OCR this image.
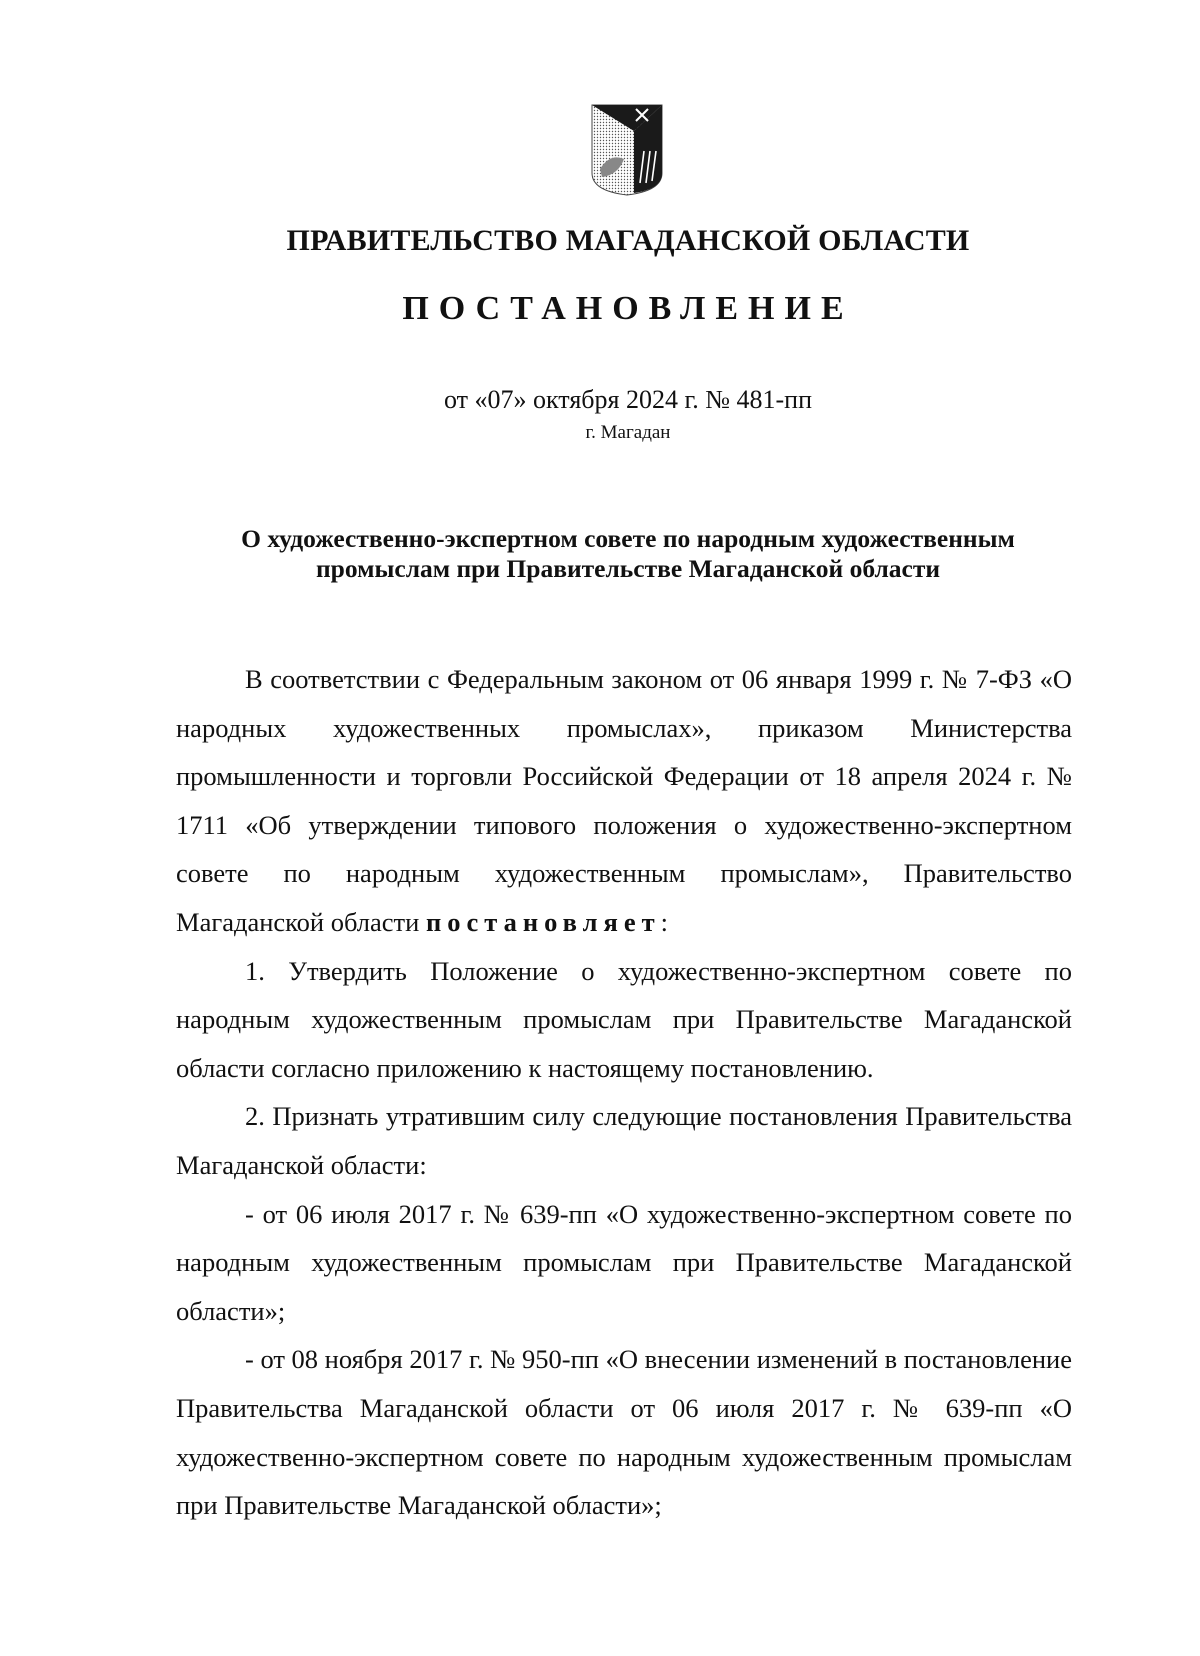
ПРАВИТЕЛЬСТВО МАГАДАНСКОЙ ОБЛАСТИ
ПОСТАНОВЛЕНИЕ
от «07» октября 2024 г. № 481-пп
г. Магадан
О художественно-экспертном совете по народным художественным
промыслам при Правительстве Магаданской области

В соответствии с Федеральным законом от 06 января 1999 г. № 7-ФЗ «О народных художественных промыслах», приказом Министерства промышленности и торговли Российской Федерации от 18 апреля 2024 г. № 1711 «Об утверждении типового положения о художественно-экспертном совете по народным художественным промыслам», Правительство Магаданской области постановляет:

1. Утвердить Положение о художественно-экспертном совете по народным художественным промыслам при Правительстве Магаданской области согласно приложению к настоящему постановлению.

2. Признать утратившим силу следующие постановления Правительства Магаданской области:

- от 06 июля 2017 г. № 639-пп «О художественно-экспертном совете по народным художественным промыслам при Правительстве Магаданской области»;

- от 08 ноября 2017 г. № 950-пп «О внесении изменений в постановление Правительства Магаданской области от 06 июля 2017 г. № 639-пп «О художественно-экспертном совете по народным художественным промыслам при Правительстве Магаданской области»;
